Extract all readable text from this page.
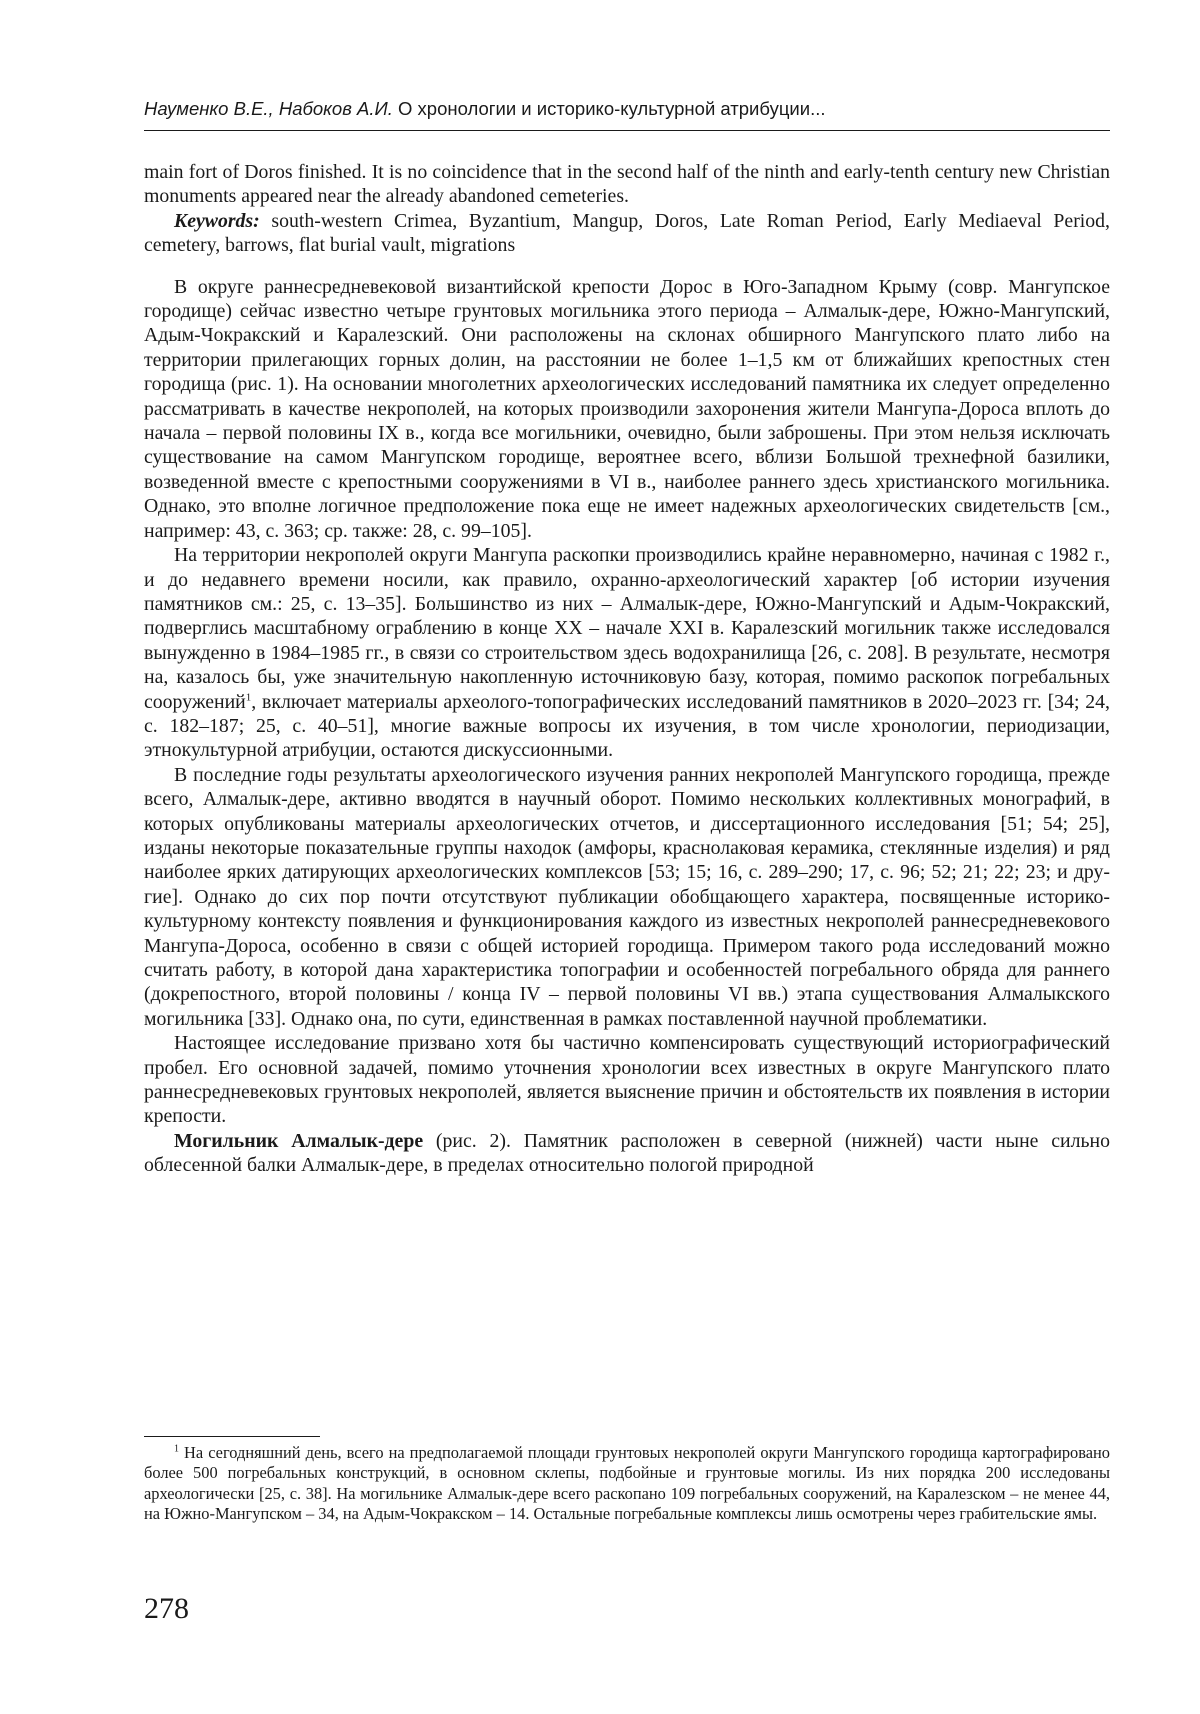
Науменко В.Е., Набоков А.И. О хронологии и историко-культурной атрибуции...

main fort of Doros finished. It is no coincidence that in the second half of the ninth and early-tenth century new Christian monuments appeared near the already abandoned cemeteries.

Keywords: south-western Crimea, Byzantium, Mangup, Doros, Late Roman Period, Early Mediaeval Period, cemetery, barrows, flat burial vault, migrations

В округе раннесредневековой византийской крепости Дорос в Юго-Западном Крыму (совр. Мангупское городище) сейчас известно четыре грунтовых могильника этого периода – Алмалык-дере, Южно-Мангупский, Адым-Чокракский и Каралезский. Они расположены на склонах обширного Мангупского плато либо на территории прилегающих горных долин, на расстоянии не более 1–1,5 км от ближайших крепостных стен городища (рис. 1). На основании многолетних археологических исследований памятника их следует определенно рассматривать в качестве некрополей, на которых производили захоронения жители Мангупа-Дороса вплоть до начала – первой половины IX в., когда все могильники, очевидно, были заброшены. При этом нельзя исключать существование на самом Мангупском городище, вероятнее всего, вблизи Большой трехнефной базилики, возведенной вместе с крепостными сооружениями в VI в., наиболее раннего здесь христианского могильника. Однако, это вполне логичное предположение пока еще не имеет надежных археологических свидетельств [см., например: 43, с. 363; ср. также: 28, с. 99–105].

На территории некрополей округи Мангупа раскопки производились крайне неравномерно, начиная с 1982 г., и до недавнего времени носили, как правило, охранно-археологический характер [об истории изучения памятников см.: 25, с. 13–35]. Большинство из них – Алмалык-дере, Южно-Мангупский и Адым-Чокракский, подверглись масштабному ограблению в конце XX – начале XXI в. Каралезский могильник также исследовался вынужденно в 1984–1985 гг., в связи со строительством здесь водохранилища [26, с. 208]. В результате, несмотря на, казалось бы, уже значительную накопленную источниковую базу, которая, помимо раскопок погребальных сооружений$^1$, включает материалы археолого-топографических исследований памятников в 2020–2023 гг. [34; 24, с. 182–187; 25, с. 40–51], многие важные вопросы их изучения, в том числе хронологии, периодизации, этнокультурной атрибуции, остаются дискуссионными.

В последние годы результаты археологического изучения ранних некрополей Мангупского городища, прежде всего, Алмалык-дере, активно вводятся в научный оборот. Помимо нескольких коллективных монографий, в которых опубликованы материалы археологических отчетов, и диссертационного исследования [51; 54; 25], изданы некоторые показательные группы находок (амфоры, краснолаковая керамика, стеклянные изделия) и ряд наиболее ярких датирующих археологических комплексов [53; 15; 16, с. 289–290; 17, с. 96; 52; 21; 22; 23; и другие]. Однако до сих пор почти отсутствуют публикации обобщающего характера, посвященные историко-культурному контексту появления и функционирования каждого из известных некрополей раннесредневекового Мангупа-Дороса, особенно в связи с общей историей городища. Примером такого рода исследований можно считать работу, в которой дана характеристика топографии и особенностей погребального обряда для раннего (докрепостного, второй половины / конца IV – первой половины VI вв.) этапа существования Алмалыкского могильника [33]. Однако она, по сути, единственная в рамках поставленной научной проблематики.

Настоящее исследование призвано хотя бы частично компенсировать существующий историографический пробел. Его основной задачей, помимо уточнения хронологии всех известных в округе Мангупского плато раннесредневековых грунтовых некрополей, является выяснение причин и обстоятельств их появления в истории крепости.

Могильник Алмалык-дере (рис. 2). Памятник расположен в северной (нижней) части ныне сильно облесенной балки Алмалык-дере, в пределах относительно пологой природной

$^1$ На сегодняшний день, всего на предполагаемой площади грунтовых некрополей округи Мангупского городища картографировано более 500 погребальных конструкций, в основном склепы, подбойные и грунтовые могилы. Из них порядка 200 исследованы археологически [25, с. 38]. На могильнике Алмалык-дере всего раскопано 109 погребальных сооружений, на Каралезском – не менее 44, на Южно-Мангупском – 34, на Адым-Чокракском – 14. Остальные погребальные комплексы лишь осмотрены через грабительские ямы.

278
